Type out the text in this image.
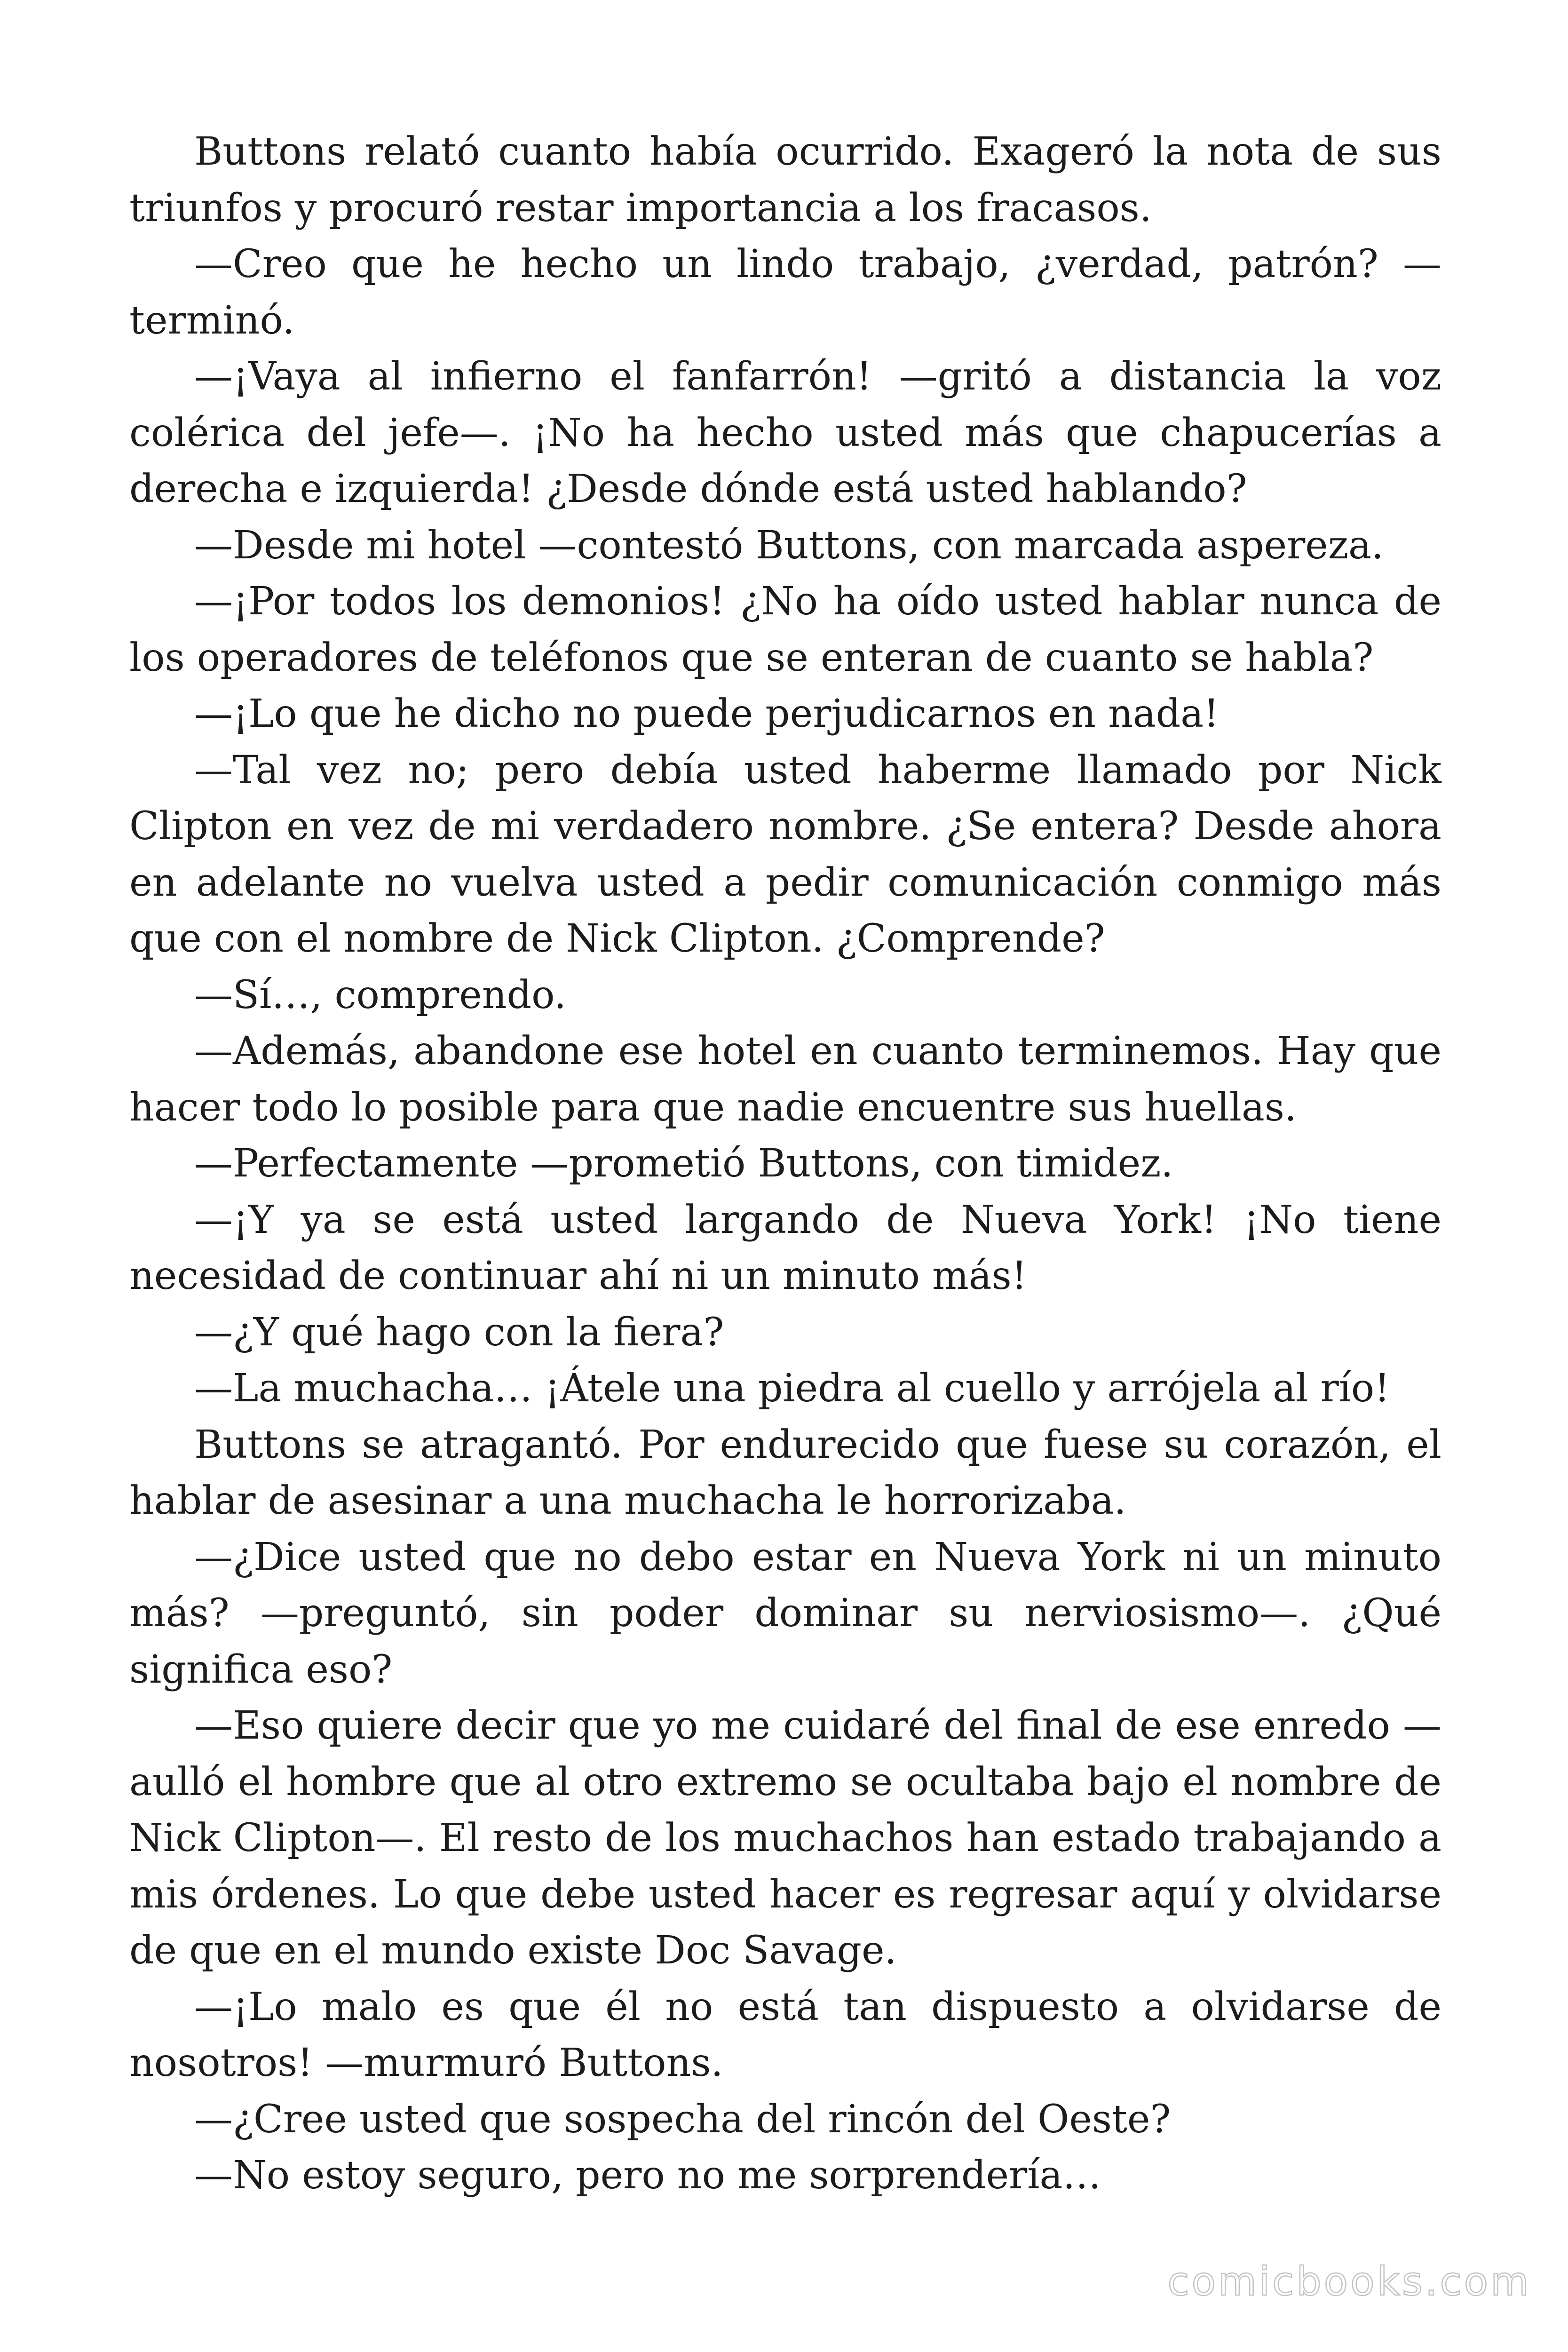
Buttons relató cuanto había ocurrido. Exageró la nota de sus triunfos y procuró restar importancia a los fracasos.

—Creo que he hecho un lindo trabajo, ¿verdad, patrón? —terminó.

—¡Vaya al infierno el fanfarrón! —gritó a distancia la voz colérica del jefe—. ¡No ha hecho usted más que chapucerías a derecha e izquierda! ¿Desde dónde está usted hablando?

—Desde mi hotel —contestó Buttons, con marcada aspereza.

—¡Por todos los demonios! ¿No ha oído usted hablar nunca de los operadores de teléfonos que se enteran de cuanto se habla?

—¡Lo que he dicho no puede perjudicarnos en nada!

—Tal vez no; pero debía usted haberme llamado por Nick Clipton en vez de mi verdadero nombre. ¿Se entera? Desde ahora en adelante no vuelva usted a pedir comunicación conmigo más que con el nombre de Nick Clipton. ¿Comprende?

—Sí…, comprendo.

—Además, abandone ese hotel en cuanto terminemos. Hay que hacer todo lo posible para que nadie encuentre sus huellas.

—Perfectamente —prometió Buttons, con timidez.

—¡Y ya se está usted largando de Nueva York! ¡No tiene necesidad de continuar ahí ni un minuto más!

—¿Y qué hago con la fiera?

—La muchacha… ¡Átele una piedra al cuello y arrójela al río!

Buttons se atragantó. Por endurecido que fuese su corazón, el hablar de asesinar a una muchacha le horrorizaba.

—¿Dice usted que no debo estar en Nueva York ni un minuto más? —preguntó, sin poder dominar su nerviosismo—. ¿Qué significa eso?

—Eso quiere decir que yo me cuidaré del final de ese enredo —aulló el hombre que al otro extremo se ocultaba bajo el nombre de Nick Clipton—. El resto de los muchachos han estado trabajando a mis órdenes. Lo que debe usted hacer es regresar aquí y olvidarse de que en el mundo existe Doc Savage.

—¡Lo malo es que él no está tan dispuesto a olvidarse de nosotros! —murmuró Buttons.

—¿Cree usted que sospecha del rincón del Oeste?

—No estoy seguro, pero no me sorprendería…

comicbooks.com
